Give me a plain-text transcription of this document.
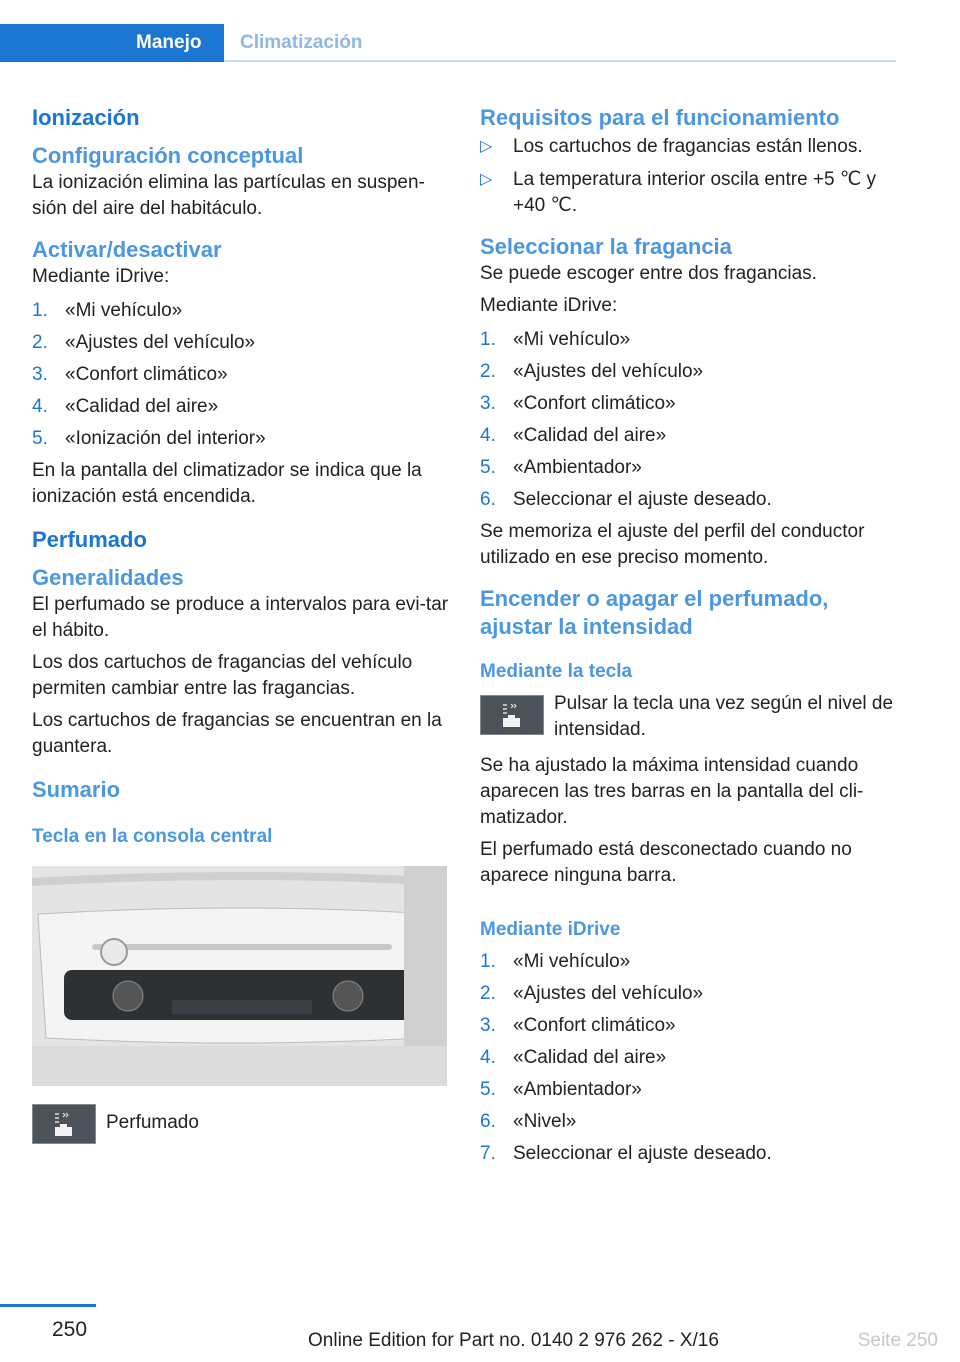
Manejo Climatización
Ionización
Configuración conceptual
La ionización elimina las partículas en suspen-sión del aire del habitáculo.
Activar/desactivar
Mediante iDrive:
1. «Mi vehículo»
2. «Ajustes del vehículo»
3. «Confort climático»
4. «Calidad del aire»
5. «Ionización del interior»
En la pantalla del climatizador se indica que la ionización está encendida.
Perfumado
Generalidades
El perfumado se produce a intervalos para evi-tar el hábito.
Los dos cartuchos de fragancias del vehículo permiten cambiar entre las fragancias.
Los cartuchos de fragancias se encuentran en la guantera.
Sumario
Tecla en la consola central
Perfumado
Requisitos para el funcionamiento
▷ Los cartuchos de fragancias están llenos.
▷ La temperatura interior oscila entre +5 ℃ y +40 ℃.
Seleccionar la fragancia
Se puede escoger entre dos fragancias.
Mediante iDrive:
1. «Mi vehículo»
2. «Ajustes del vehículo»
3. «Confort climático»
4. «Calidad del aire»
5. «Ambientador»
6. Seleccionar el ajuste deseado.
Se memoriza el ajuste del perfil del conductor utilizado en ese preciso momento.
Encender o apagar el perfumado, ajustar la intensidad
Mediante la tecla
Pulsar la tecla una vez según el nivel de intensidad.
Se ha ajustado la máxima intensidad cuando aparecen las tres barras en la pantalla del cli-matizador.
El perfumado está desconectado cuando no aparece ninguna barra.
Mediante iDrive
1. «Mi vehículo»
2. «Ajustes del vehículo»
3. «Confort climático»
4. «Calidad del aire»
5. «Ambientador»
6. «Nivel»
7. Seleccionar el ajuste deseado.
250	Online Edition for Part no. 0140 2 976 262 - X/16	Seite 250
